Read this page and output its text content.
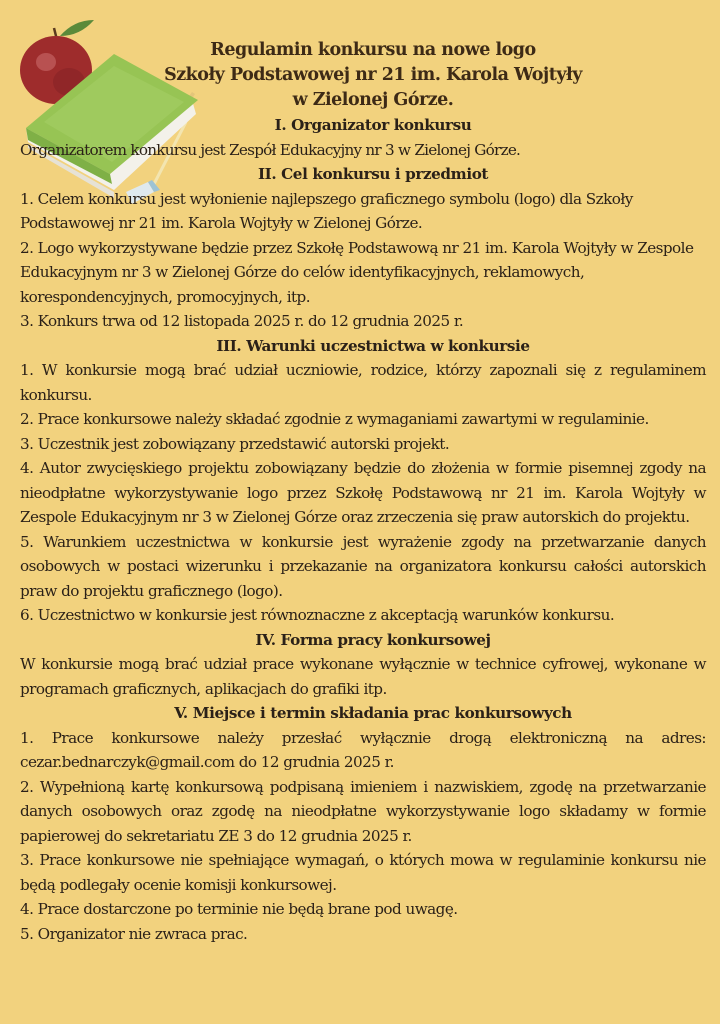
Regulamin konkursu na nowe logo
Szkoły Podstawowej nr 21 im. Karola Wojtyły
w Zielonej Górze.
I. Organizator konkursu
Organizatorem konkursu jest Zespół Edukacyjny nr 3 w Zielonej Górze.
II. Cel konkursu i przedmiot
1. Celem konkursu jest wyłonienie najlepszego graficznego symbolu (logo) dla Szkoły Podstawowej nr 21 im. Karola Wojtyły w Zielonej Górze.
2. Logo wykorzystywane będzie przez Szkołę Podstawową nr 21 im. Karola Wojtyły w Zespole Edukacyjnym nr 3 w Zielonej Górze do celów identyfikacyjnych, reklamowych, korespondencyjnych, promocyjnych, itp.
3. Konkurs trwa od 12 listopada 2025 r. do 12 grudnia 2025 r.
III. Warunki uczestnictwa w konkursie
1. W konkursie mogą brać udział uczniowie, rodzice, którzy zapoznali się z regulaminem konkursu.
2. Prace konkursowe należy składać zgodnie z wymaganiami zawartymi w regulaminie.
3. Uczestnik jest zobowiązany przedstawić autorski projekt.
4. Autor zwycięskiego projektu zobowiązany będzie do złożenia w formie pisemnej zgody na nieodpłatne wykorzystywanie logo przez Szkołę Podstawową nr 21 im. Karola Wojtyły w Zespole Edukacyjnym nr 3 w Zielonej Górze oraz zrzeczenia się praw autorskich do projektu.
5. Warunkiem uczestnictwa w konkursie jest wyrażenie zgody na przetwarzanie danych osobowych w postaci wizerunku i przekazanie na organizatora konkursu całości autorskich praw do projektu graficznego (logo).
6. Uczestnictwo w konkursie jest równoznaczne z akceptacją warunków konkursu.
IV. Forma pracy konkursowej
W konkursie mogą brać udział prace wykonane wyłącznie w technice cyfrowej, wykonane w programach graficznych, aplikacjach do grafiki itp.
V. Miejsce i termin składania prac konkursowych
1. Prace konkursowe należy przesłać wyłącznie drogą elektroniczną na adres: cezar.bednarczyk@gmail.com do 12 grudnia 2025 r.
2. Wypełnioną kartę konkursową podpisaną imieniem i nazwiskiem, zgodę na przetwarzanie danych osobowych oraz zgodę na nieodpłatne wykorzystywanie logo składamy w formie papierowej do sekretariatu ZE 3 do 12 grudnia 2025 r.
3. Prace konkursowe nie spełniające wymagań, o których mowa w regulaminie konkursu nie będą podlegały ocenie komisji konkursowej.
4. Prace dostarczone po terminie nie będą brane pod uwagę.
5. Organizator nie zwraca prac.
